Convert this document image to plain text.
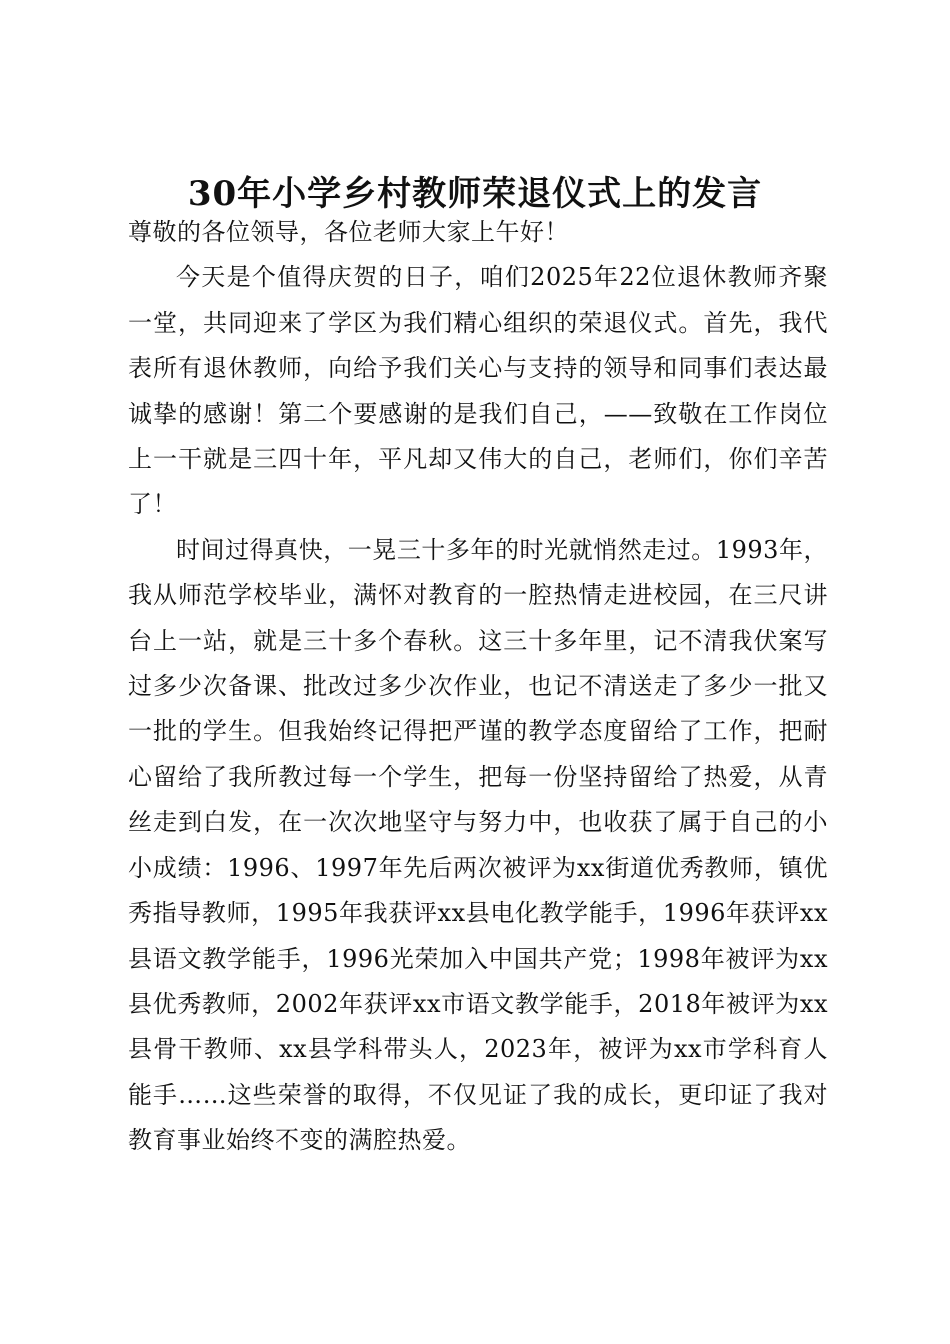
30年小学乡村教师荣退仪式上的发言

尊敬的各位领导，各位老师大家上午好！

今天是个值得庆贺的日子，咱们2025年22位退休教师齐聚一堂，共同迎来了学区为我们精心组织的荣退仪式。首先，我代表所有退休教师，向给予我们关心与支持的领导和同事们表达最诚挚的感谢！第二个要感谢的是我们自己，——致敬在工作岗位上一干就是三四十年，平凡却又伟大的自己，老师们，你们辛苦了！

时间过得真快，一晃三十多年的时光就悄然走过。1993年，我从师范学校毕业，满怀对教育的一腔热情走进校园，在三尺讲台上一站，就是三十多个春秋。这三十多年里，记不清我伏案写过多少次备课、批改过多少次作业，也记不清送走了多少一批又一批的学生。但我始终记得把严谨的教学态度留给了工作，把耐心留给了我所教过每一个学生，把每一份坚持留给了热爱，从青丝走到白发，在一次次地坚守与努力中，也收获了属于自己的小小成绩：1996、1997年先后两次被评为xx街道优秀教师，镇优秀指导教师，1995年我获评xx县电化教学能手，1996年获评xx县语文教学能手，1996光荣加入中国共产党；1998年被评为xx县优秀教师，2002年获评xx市语文教学能手，2018年被评为xx县骨干教师、xx县学科带头人，2023年，被评为xx市学科育人能手……这些荣誉的取得，不仅见证了我的成长，更印证了我对教育事业始终不变的满腔热爱。
